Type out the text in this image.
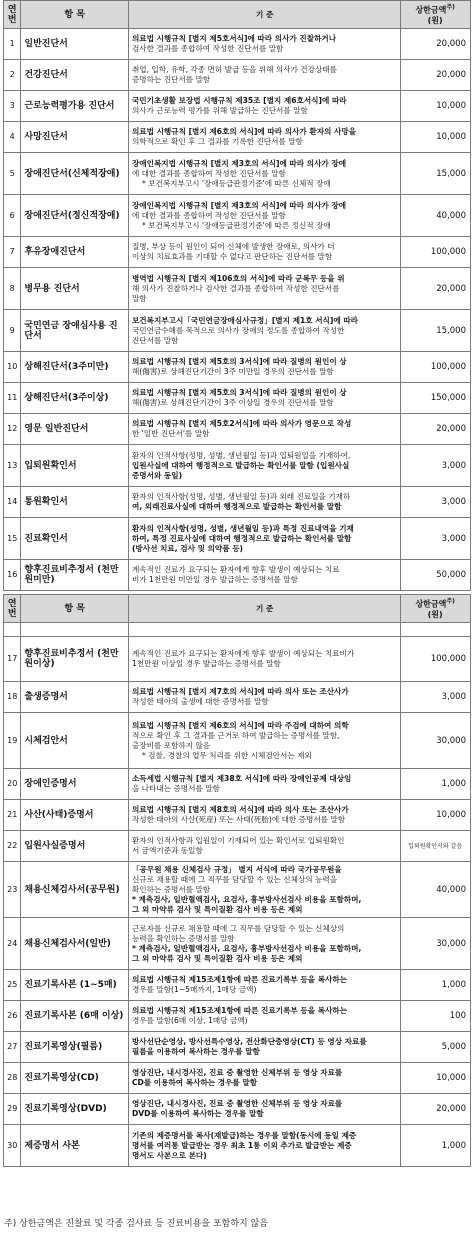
연번	항 목	기 준	상한금액$^{주)}$
(원)
1	일반진단서	의료법 시행규칙 [별지 제5호서식]에 따라 의사가 진찰하거나
검사한 결과를 종합하여 작성한 진단서를 말함	20,000
2	건강진단서	취업, 입학, 유학, 각종 면허 발급 등을 위해 의사가 건강상태를
증명하는 진단서를 말함	20,000
3	근로능력평가용 진단서	국민기초생활 보장법 시행규칙 제35조 [별지 제6호서식]에 따라
의사가 근로능력 평가를 위해 발급하는 진단서를 말함	10,000
4	사망진단서	의료법 시행규칙 [별지 제6호의 서식]에 따라 의사가 환자의 사망을
의학적으로 확인 후 그 결과를 기록한 진단서를 말함	10,000
5	장애진단서(신체적장애)	장애인복지법 시행규칙 [별지 제3호의 서식]에 따라 의사가 장애
에 대한 결과를 종합하여 작성한 진단서를 말함
* 보건복지부고시 '장애등급판정기준'에 따른 신체적 장애	15,000
6	장애진단서(정신적장애)	장애인복지법 시행규칙 [별지 제3호의 서식]에 따라 의사가 장애
에 대한 결과를 종합하여 작성한 진단서를 말함
* 보건복지부고시 '장애등급판정기준'에 따른 정신적 장애	40,000
7	후유장애진단서	질병, 부상 등이 원인이 되어 신체에 발생한 장애로, 의사가 더
이상의 치료효과를 기대할 수 없다고 판단하는 진단서를 말함	100,000
8	병무용 진단서	병역법 시행규칙 [별지 제106호의 서식]에 따라 군복무 등을 위
해 의사가 진찰하거나 검사한 결과를 종합하여 작성한 진단서를
말함	20,000
9	국민연금 장애심사용 진단서	보건복지부고시「국민연금장애심사규정」[별지 제1호 서식]에 따라
국민연금수혜를 목적으로 의사가 장애의 정도를 종합하여 작성한
진단서를 말함	15,000
10	상해진단서(3주미만)	의료법 시행규칙 [별지 제5호의 3서식]에 따라 질병의 원인이 상
해(傷害)로 상해진단기간이 3주 미만일 경우의 진단서를 말함	100,000
11	상해진단서(3주이상)	의료법 시행규칙 [별지 제5호의 3서식]에 따라 질병의 원인이 상
해(傷害)로 상해진단기간이 3주 이상일 경우의 진단서를 말함	150,000
12	영문 일반진단서	의료법 시행규칙 [별지 제5호2서식]에 따라 의사가 영문으로 작성
한 '일반 진단서'를 말함	20,000
13	입퇴원확인서	환자의 인적사항(성명, 성별, 생년월일 등)과 입퇴원일을 기재하여,
입원사실에 대하여 행정적으로 발급하는 확인서를 말함 (입원사실
증명서와 동일)	3,000
14	통원확인서	환자의 인적사항(성명, 성별, 생년월일 등)과 외래 진료일을 기재하
여, 외래진료사실에 대하여 행정적으로 발급하는 확인서를 말함	3,000
15	진료확인서	환자의 인적사항(성명, 성별, 생년월일 등)과 특정 진료내역을 기재
하여, 특정 진료사실에 대하여 행정적으로 발급하는 확인서를 말함
(방사선 치료, 검사 및 의약품 등)	3,000
16	향후진료비추정서 (천만원미만)	계속적인 진료가 요구되는 환자에게 향후 발생이 예상되는 치료
비가 1천만원 미만일 경우 발급하는 증명서를 말함	50,000
연번	항 목	기 준	상한금액$^{주)}$
(원)

17	향후진료비추정서 (천만원이상)	계속적인 진료가 요구되는 환자에게 향후 발생이 예상되는 치료비가
1천만원 이상일 경우 발급하는 증명서를 말함	100,000
18	출생증명서	의료법 시행규칙 [별지 제7호의 서식]에 따라 의사 또는 조산사가
작성한 태아의 출생에 대한 증명서를 말함	3,000
19	시체검안서	의료법 시행규칙 [별지 제6호의 서식]에 따라 주검에 대하여 의학
적으로 확인 후 그 결과를 근거로 하여 발급하는 증명서를 말함,
출장비를 포함하지 않음
* 검찰, 경찰의 업무 처리를 위한 시체검안서는 제외	30,000
20	장애인증명서	소득세법 시행규칙 [별지 제38호 서식]에 따라 장애인공제 대상임
을 나타내는 증명서를 말함	1,000
21	사산(사태)증명서	의료법 시행규칙 [별지 제8호의 서식]에 따라 의사 또는 조산사가
작성한 태아의 사산(死産) 또는 사태(死胎)에 대한 증명서를 말함	10,000
22	입원사실증명서	환자의 인적사항과 입원일이 기재되어 있는 확인서로 입퇴원확인
서 금액기준과 동일함	입퇴원확인서와 같음
23	채용신체검사서(공무원)	「공무원 채용 신체검사 규정」 별지 서식에 따라 국가공무원을
신규로 채용할 때에 그 직무를 담당할 수 있는 신체상의 능력을
확인하는 증명서를 말함
* 계측검사, 일반혈액검사, 요검사, 흉부방사선검사 비용을 포함하며,
그 외 마약류 검사 및 특이질환 검사 비용 등은 제외	40,000
24	채용신체검사서(일반)	근로자를 신규로 채용할 때에 그 직무를 담당할 수 있는 신체상의
능력을 확인하는 증명서를 말함
* 계측검사, 일반혈액검사, 요검사, 흉부방사선검사 비용을 포함하며,
그 외 마약류 검사 및 특이질환 검사 비용 등은 제외	30,000
25	진료기록사본 (1~5매)	의료법 시행규칙 제15조제1항에 따른 진료기록부 등을 복사하는
경우를 말함(1~5매까지, 1매당 금액)	1,000
26	진료기록사본 (6매 이상)	의료법 시행규칙 제15조제1항에 따른 진료기록부 등을 복사하는
경우를 말함(6매 이상, 1매당 금액)	100
27	진료기록영상(필름)	방사선단순영상, 방사선특수영상, 전산화단층영상(CT) 등 영상 자료를
필름을 이용하여 복사하는 경우를 말함	5,000
28	진료기록영상(CD)	영상진단, 내시경사진, 진료 중 촬영한 신체부위 등 영상 자료를
CD를 이용하여 복사하는 경우를 말함	10,000
29	진료기록영상(DVD)	영상진단, 내시경사진, 진료 중 촬영한 신체부위 등 영상 자료를
DVD를 이용하여 복사하는 경우를 말함	20,000
30	제증명서 사본	기존의 제증명서를 복사(재발급)하는 경우를 말함(동시에 동일 제증
명서를 여러통 발급받는 경우 최초 1통 이외 추가로 발급받는 제증
명서도 사본으로 본다)	1,000
주) 상한금액은 진찰료 및 각종 검사료 등 진료비용을 포함하지 않음
